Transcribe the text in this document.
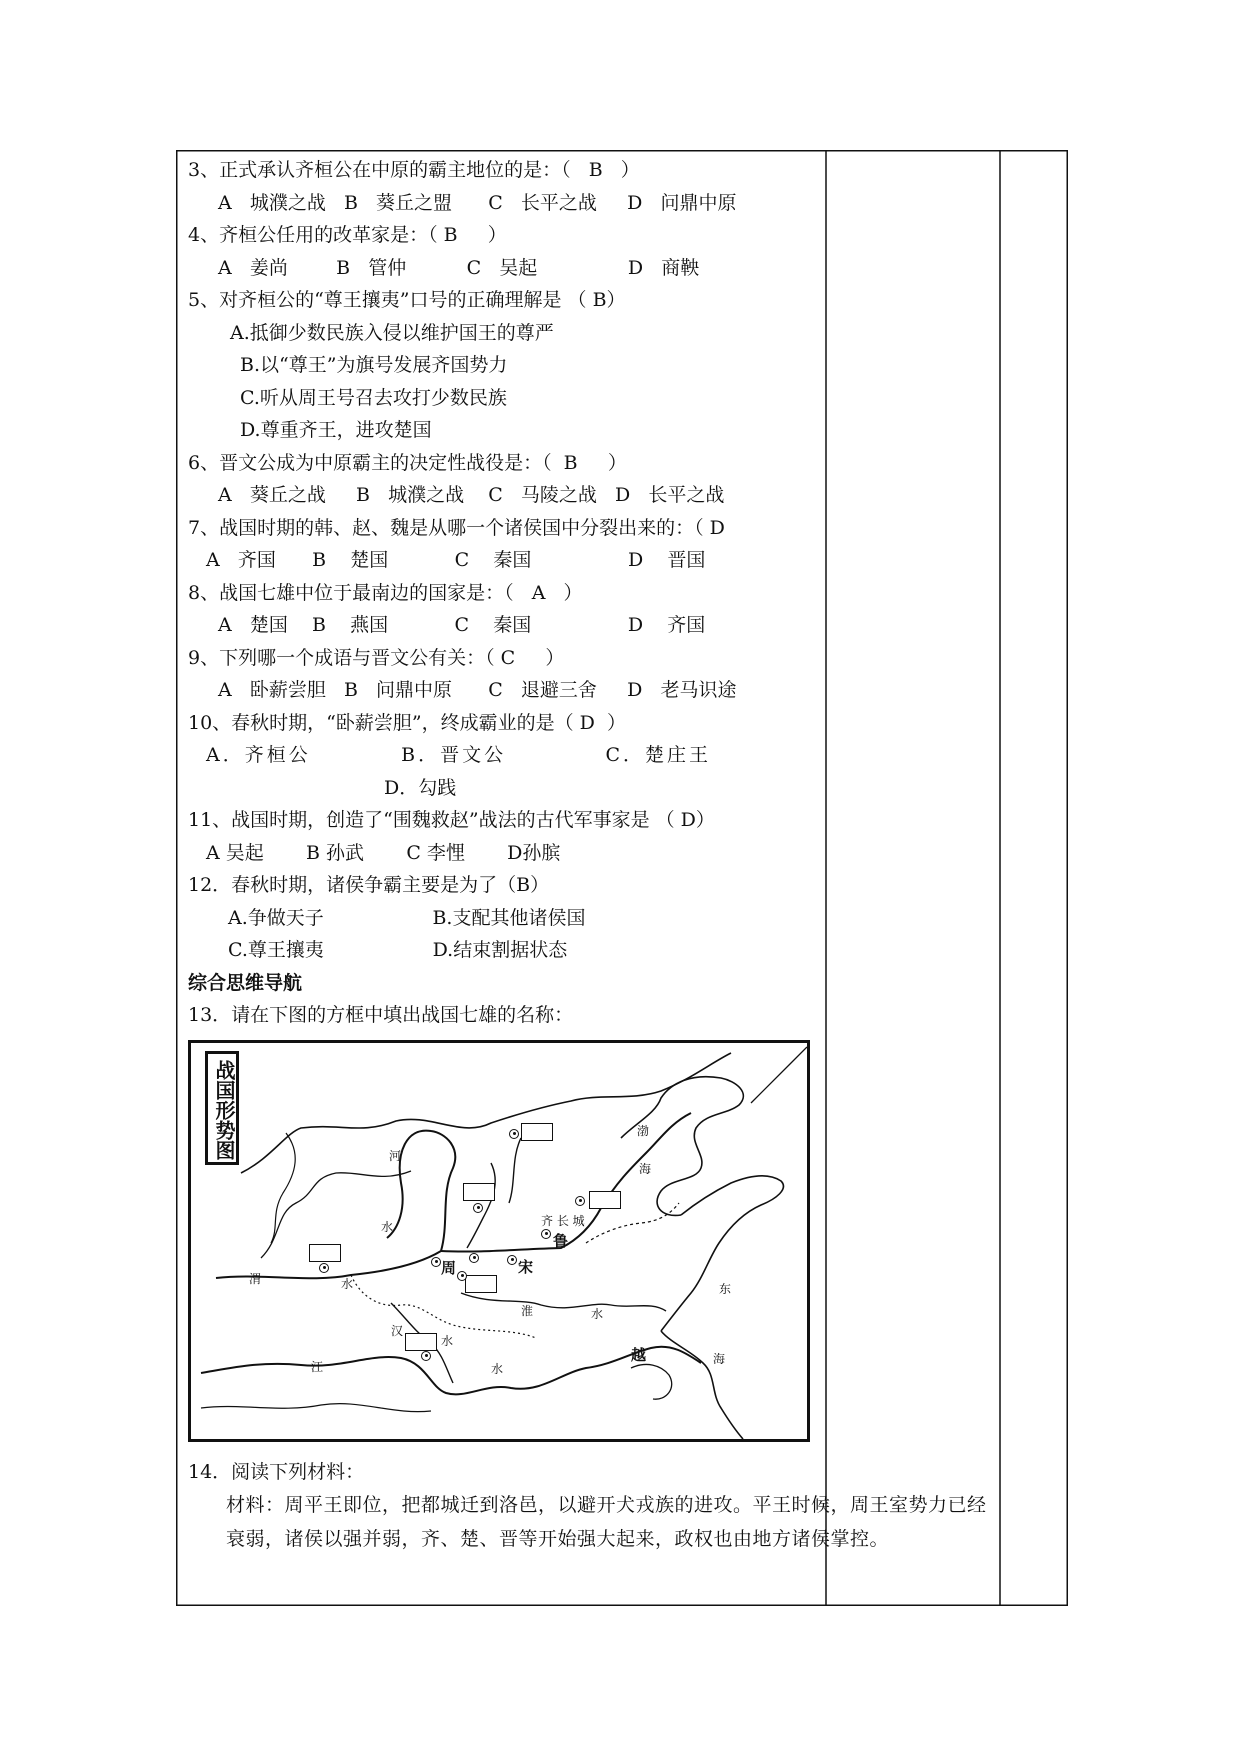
3、正式承认齐桓公在中原的霸主地位的是：（   B   ）
A   城濮之战   B   葵丘之盟      C   长平之战     D   问鼎中原
4、齐桓公任用的改革家是：（ B     ）
A   姜尚        B   管仲          C   吴起               D   商鞅
5、对齐桓公的“尊王攘夷”口号的正确理解是 （ B）
A.抵御少数民族入侵以维护国王的尊严
B.以“尊王”为旗号发展齐国势力
C.听从周王号召去攻打少数民族
D.尊重齐王，进攻楚国
6、晋文公成为中原霸主的决定性战役是：（  B     ）
A   葵丘之战     B   城濮之战    C   马陵之战   D   长平之战
7、战国时期的韩、赵、魏是从哪一个诸侯国中分裂出来的：（ D
A   齐国      B    楚国           C    秦国                D    晋国
8、战国七雄中位于最南边的国家是：（   A   ）
A   楚国    B    燕国           C    秦国                D    齐国
9、下列哪一个成语与晋文公有关：（ C     ）
A   卧薪尝胆   B   问鼎中原      C   退避三舍     D   老马识途
10、春秋时期，“卧薪尝胆”，终成霸业的是（ D  ）
A．齐桓公          B．晋文公           C．楚庄王
D．勾践
11、战国时期，创造了“围魏救赵”战法的古代军事家是 （ D）
A 吴起       B 孙武       C 李悝       D孙膑
12．春秋时期，诸侯争霸主要是为了（B）
A.争做天子                  B.支配其他诸侯国
C.尊王攘夷                  D.结束割据状态
综合思维导航
13．请在下图的方框中填出战国七雄的名称：
战国形势图	河
水
渭	水
周	宋
鲁
齐 长 城
渤
海
东
海
淮	水
汉
水
江	水
越
14．阅读下列材料：
材料：周平王即位，把都城迁到洛邑，以避开犬戎族的进攻。平王时候，周王室势力已经衰弱，诸侯以强并弱，齐、楚、晋等开始强大起来，政权也由地方诸侯掌控。
